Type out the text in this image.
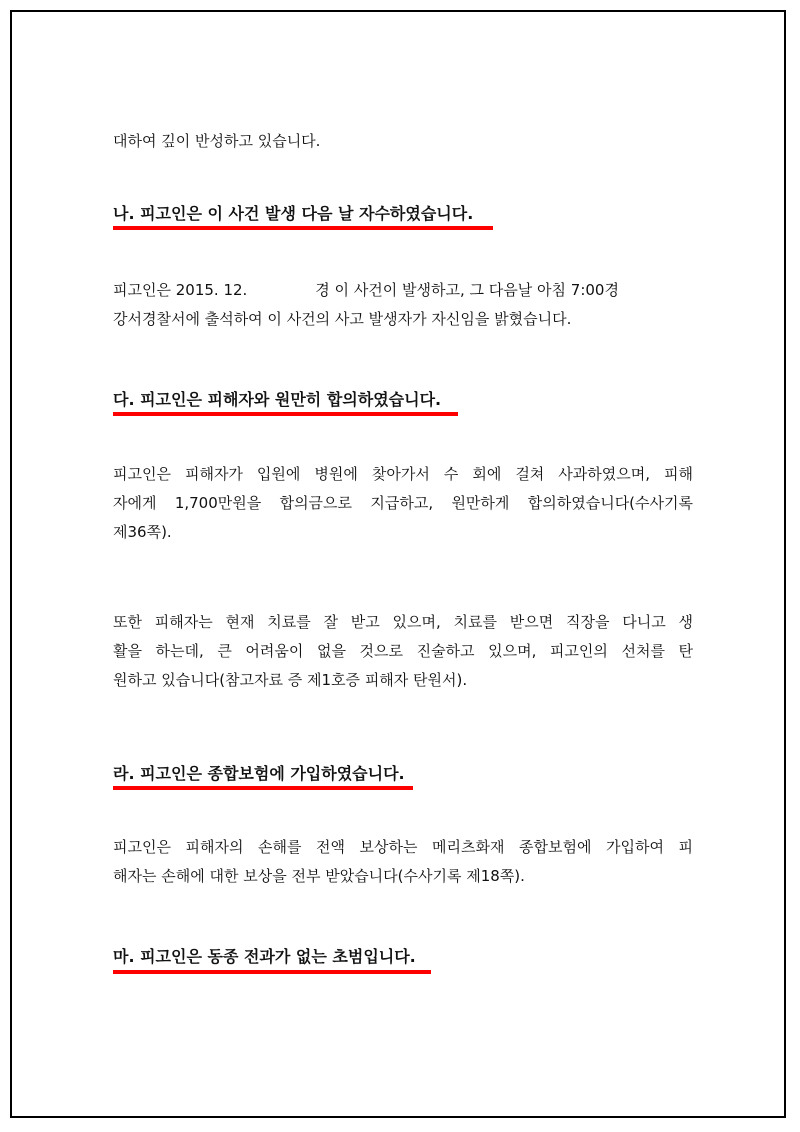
대하여 깊이 반성하고 있습니다.
나. 피고인은 이 사건 발생 다음 날 자수하였습니다.
피고인은 2015. 12.	경 이 사건이 발생하고, 그 다음날 아침 7:00경
강서경찰서에 출석하여 이 사건의 사고 발생자가 자신임을 밝혔습니다.
다. 피고인은 피해자와 원만히 합의하였습니다.
피고인은 피해자가 입원에 병원에 찾아가서 수 회에 걸쳐 사과하였으며, 피해
자에게 1,700만원을 합의금으로 지급하고, 원만하게 합의하였습니다(수사기록
제36쪽).
또한 피해자는 현재 치료를 잘 받고 있으며, 치료를 받으면 직장을 다니고 생
활을 하는데, 큰 어려움이 없을 것으로 진술하고 있으며, 피고인의 선처를 탄
원하고 있습니다(참고자료 증 제1호증 피해자 탄원서).
라. 피고인은 종합보험에 가입하였습니다.
피고인은 피해자의 손해를 전액 보상하는 메리츠화재 종합보험에 가입하여 피
해자는 손해에 대한 보상을 전부 받았습니다(수사기록 제18쪽).
마. 피고인은 동종 전과가 없는 초범입니다.
